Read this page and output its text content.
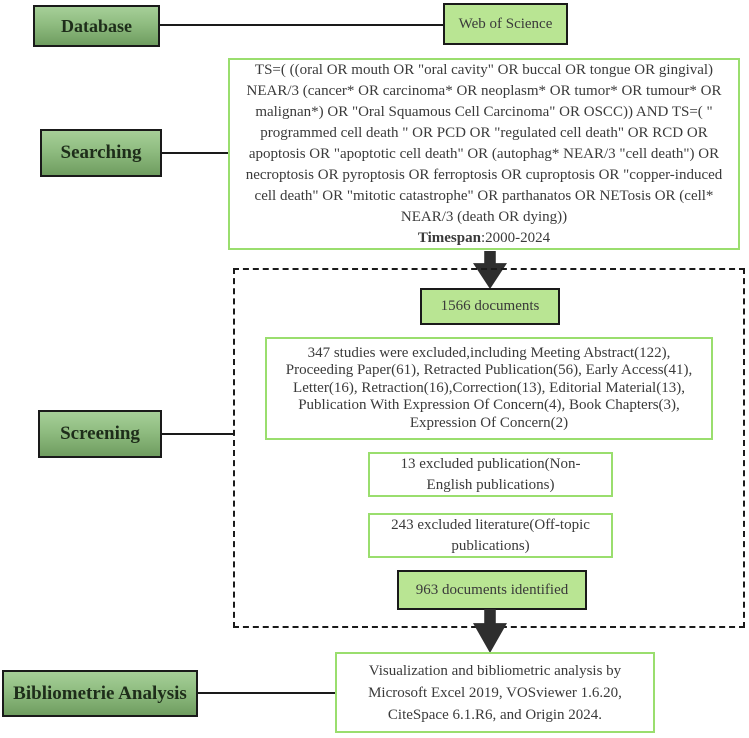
Database	Web of Science
Searching
TS=( ((oral OR mouth OR "oral cavity" OR buccal OR tongue OR gingival) NEAR/3 (cancer* OR carcinoma* OR neoplasm* OR tumor* OR tumour* OR malignan*) OR "Oral Squamous Cell Carcinoma" OR OSCC)) AND TS=( " programmed cell death " OR PCD OR "regulated cell death" OR RCD OR apoptosis OR "apoptotic cell death" OR (autophag* NEAR/3 "cell death") OR necroptosis OR pyroptosis OR ferroptosis OR cuproptosis OR "copper-induced cell death" OR "mitotic catastrophe" OR parthanatos OR NETosis OR (cell* NEAR/3 (death OR dying))
Timespan:2000-2024
Screening
1566 documents
347 studies were excluded,including Meeting Abstract(122), Proceeding Paper(61), Retracted Publication(56), Early Access(41), Letter(16), Retraction(16),Correction(13), Editorial Material(13), Publication With Expression Of Concern(4), Book Chapters(3), Expression Of Concern(2)
13 excluded publication(Non-English publications)
243 excluded literature(Off-topic publications)
963 documents identified
Bibliometrie Analysis
Visualization and bibliometric analysis by Microsoft Excel 2019, VOSviewer 1.6.20, CiteSpace 6.1.R6, and Origin 2024.
